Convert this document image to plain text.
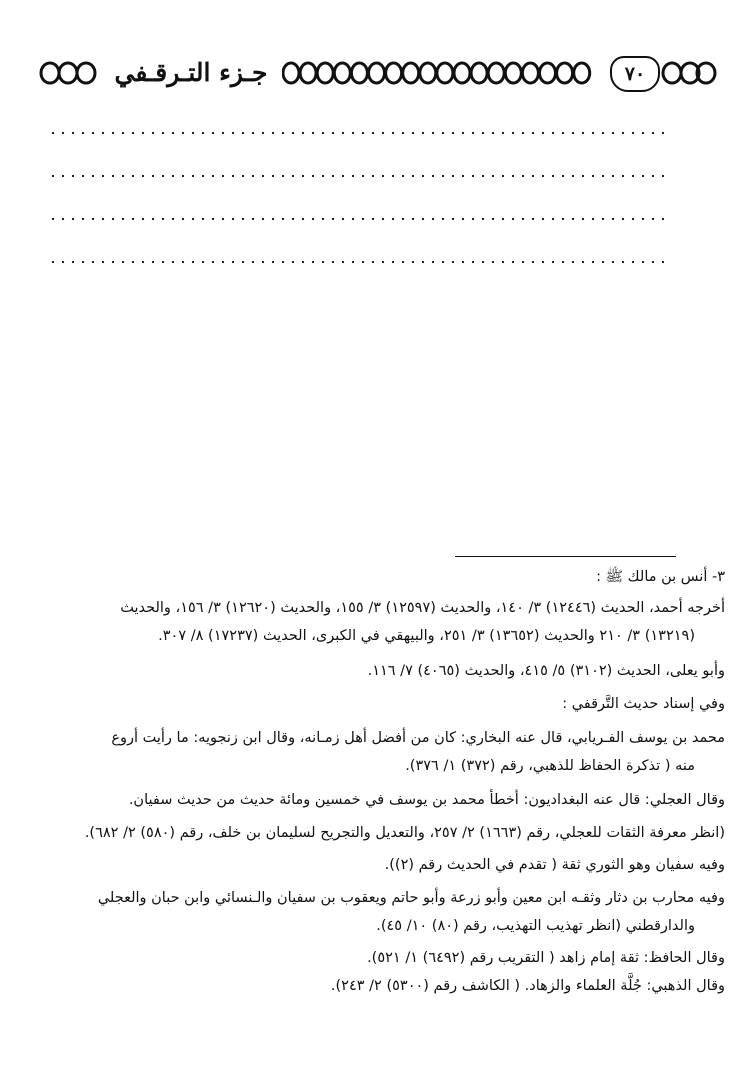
جـزء التـرقـفي	٧٠
٣- أنس بن مالك ﷺ :
أخرجه أحمد، الحديث (١٢٤٤٦) ٣/ ١٤٠، والحديث (١٢٥٩٧) ٣/ ١٥٥، والحديث (١٢٦٢٠) ٣/ ١٥٦، والحديث
(١٣٢١٩) ٣/ ٢١٠ والحديث (١٣٦٥٢) ٣/ ٢٥١، والبيهقي في الكبرى، الحديث (١٧٢٣٧) ٨/ ٣٠٧.
وأبو يعلى، الحديث (٣١٠٢) ٥/ ٤١٥، والحديث (٤٠٦٥) ٧/ ١١٦.
وفي إسناد حديث التَّرقفي :
محمد بن يوسف الفـريابي، قال عنه البخاري: كان من أفضل أهل زمـانه، وقال ابن زنجويه: ما رأيت أروع
منه ( تذكرة الحفاظ للذهبي، رقم (٣٧٢) ١/ ٣٧٦).
وقال العجلي: قال عنه البغداديون: أخطأ محمد بن يوسف في خمسين ومائة حديث من حديث سفيان.
(انظر معرفة الثقات للعجلي، رقم (١٦٦٣) ٢/ ٢٥٧، والتعديل والتجريح لسليمان بن خلف، رقم (٥٨٠) ٢/ ٦٨٢).
وفيه سفيان وهو الثوري ثقة ( تقدم في الحديث رقم (٢)).
وفيه محارب بن دثار وثقـه ابن معين وأبو زرعة وأبو حاتم ويعقوب بن سفيان والـنسائي وابن حبان والعجلي
والدارقطني (انظر تهذيب التهذيب، رقم (٨٠) ١٠/ ٤٥).
وقال الحافظ: ثقة إمام زاهد ( التقريب رقم (٦٤٩٢) ١/ ٥٢١).
وقال الذهبي: جُلَّة العلماء والزهاد. ( الكاشف رقم (٥٣٠٠) ٢/ ٢٤٣).
